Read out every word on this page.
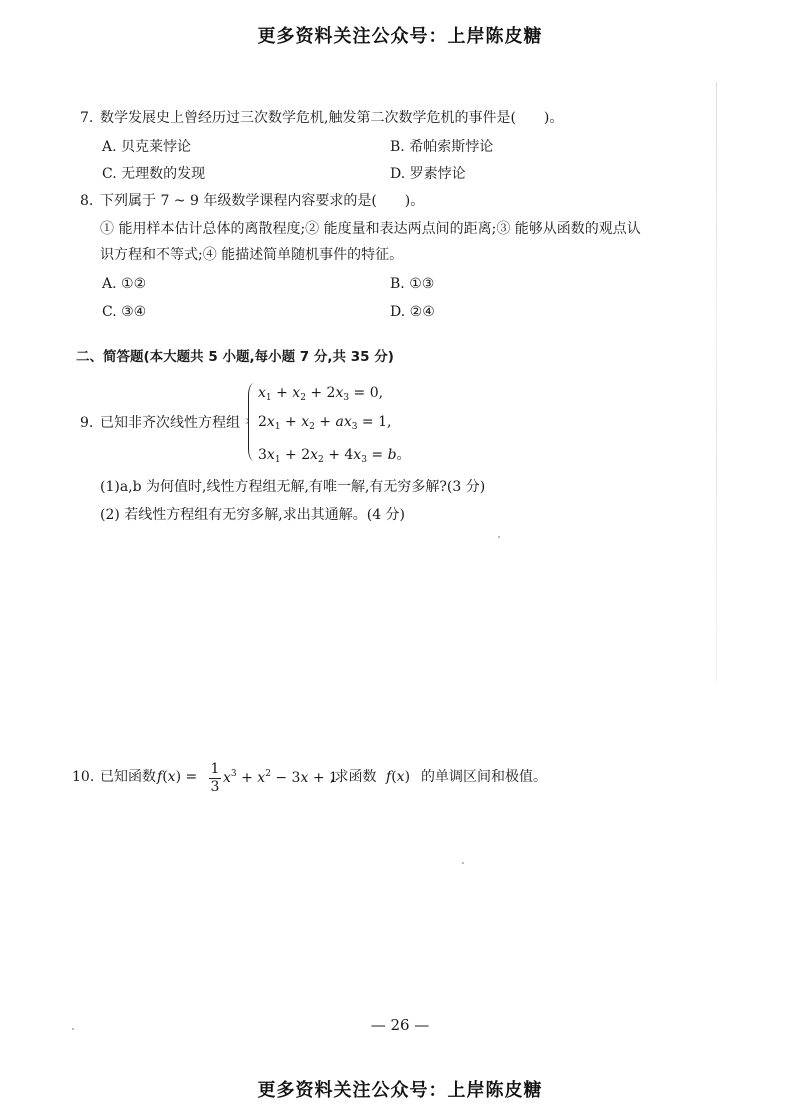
更多资料关注公众号：上岸陈皮糖
7. 数学发展史上曾经历过三次数学危机,触发第二次数学危机的事件是(　　)。
A. 贝克莱悖论	B. 希帕索斯悖论
C. 无理数的发现	D. 罗素悖论
8. 下列属于 7 ~ 9 年级数学课程内容要求的是(　　)。
① 能用样本估计总体的离散程度;② 能度量和表达两点间的距离;③ 能够从函数的观点认
识方程和不等式;④ 能描述简单随机事件的特征。
A. ①②	B. ①③
C. ③④	D. ②④
二、简答题(本大题共 5 小题,每小题 7 分,共 35 分)
9. 已知非齐次线性方程组
$x_1 + x_2 + 2x_3 = 0$,
$2x_1 + x_2 + ax_3 = 1$,
$3x_1 + 2x_2 + 4x_3 = b$。
(1)a,b 为何值时,线性方程组无解,有唯一解,有无穷多解?(3 分)
(2) 若线性方程组有无穷多解,求出其通解。(4 分)
10. 已知函数 f(x) = 1
3
$x^3 + x^2 - 3x + 1$
,求函数 f(x) 的单调区间和极值。
— 26 —
更多资料关注公众号：上岸陈皮糖
